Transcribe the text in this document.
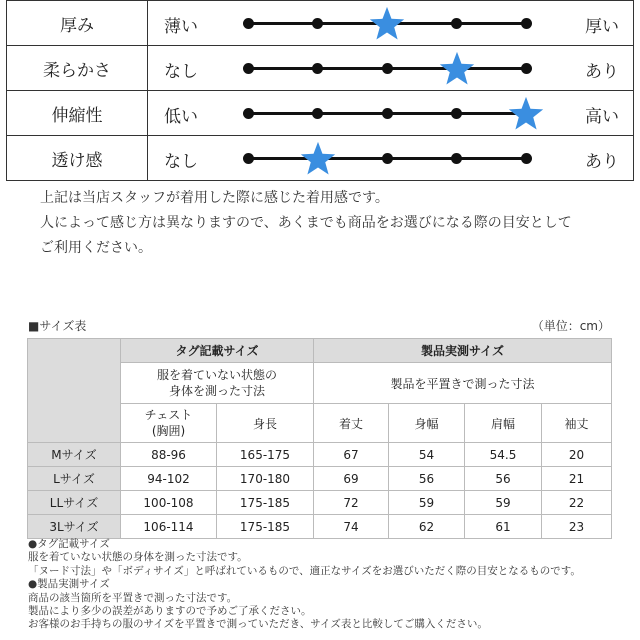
厚み	薄い 厚い

柔らかさ	なし あり

伸縮性	低い 高い

透け感	なし あり
上記は当店スタッフが着用した際に感じた着用感です。
人によって感じ方は異なりますので、あくまでも商品をお選びになる際の目安として
ご利用ください。
■サイズ表	（単位：cm）
	タグ記載サイズ		製品実測サイズ			

	服を着ていない状態の
身体を測った寸法		製品を平置きで測った寸法			

	チェスト
(胸囲)	身長	着丈	身幅	肩幅	袖丈
Mサイズ	88-96	165-175	67	54	54.5	20
Lサイズ	94-102	170-180	69	56	56	21
LLサイズ	100-108	175-185	72	59	59	22
3Lサイズ	106-114	175-185	74	62	61	23
●タグ記載サイズ
服を着ていない状態の身体を測った寸法です。
「ヌード寸法」や「ボディサイズ」と呼ばれているもので、適正なサイズをお選びいただく際の目安となるものです。
●製品実測サイズ
商品の該当箇所を平置きで測った寸法です。
製品により多少の誤差がありますので予めご了承ください。
お客様のお手持ちの服のサイズを平置きで測っていただき、サイズ表と比較してご購入ください。
